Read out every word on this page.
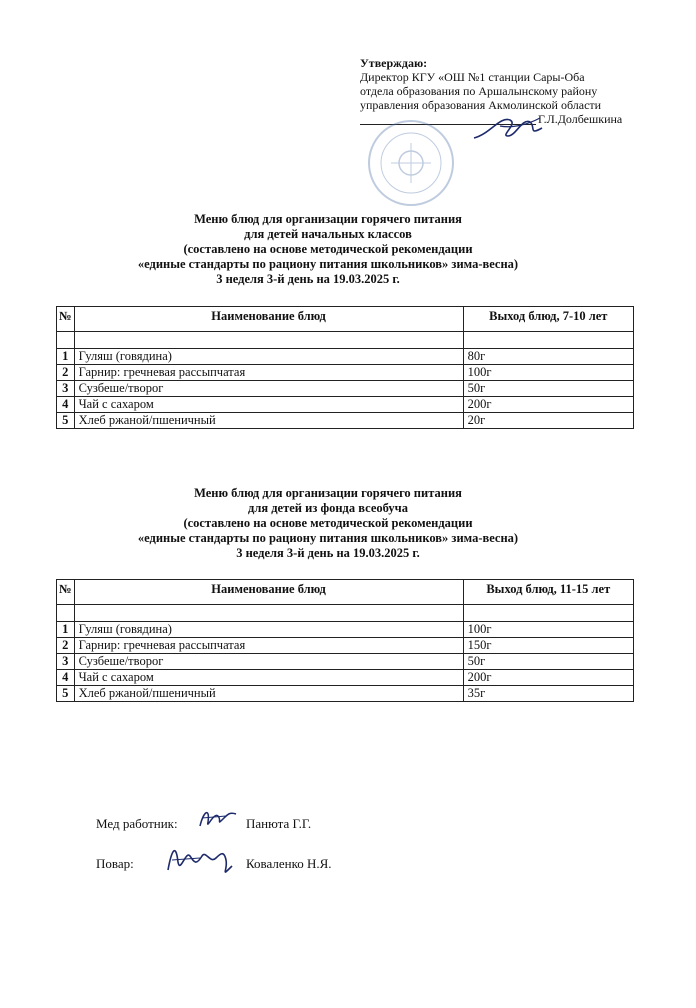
Утверждаю:
Директор КГУ «ОШ №1 станции Сары-Оба
отдела образования по Аршалынскому району
управления образования Акмолинской области
Г.Л.Долбешкина
Меню блюд для организации горячего питания
для детей начальных классов
(составлено на основе методической рекомендации
«единые стандарты по рациону питания школьников» зима-весна)
3 неделя 3-й день на 19.03.2025 г.
№	Наименование блюд	Выход блюд, 7-10 лет

1	Гуляш (говядина)	80г
2	Гарнир: гречневая рассыпчатая	100г
3	Сузбеше/творог	50г
4	Чай с сахаром	200г
5	Хлеб ржаной/пшеничный	20г
Меню блюд для организации горячего питания
для детей из фонда всеобуча
(составлено на основе методической рекомендации
«единые стандарты по рациону питания школьников» зима-весна)
3 неделя 3-й день на 19.03.2025 г.
№	Наименование блюд	Выход блюд, 11-15 лет

1	Гуляш (говядина)	100г
2	Гарнир: гречневая рассыпчатая	150г
3	Сузбеше/творог	50г
4	Чай с сахаром	200г
5	Хлеб ржаной/пшеничный	35г
Мед работник:	Панюта Г.Г.
Повар:	Коваленко Н.Я.
